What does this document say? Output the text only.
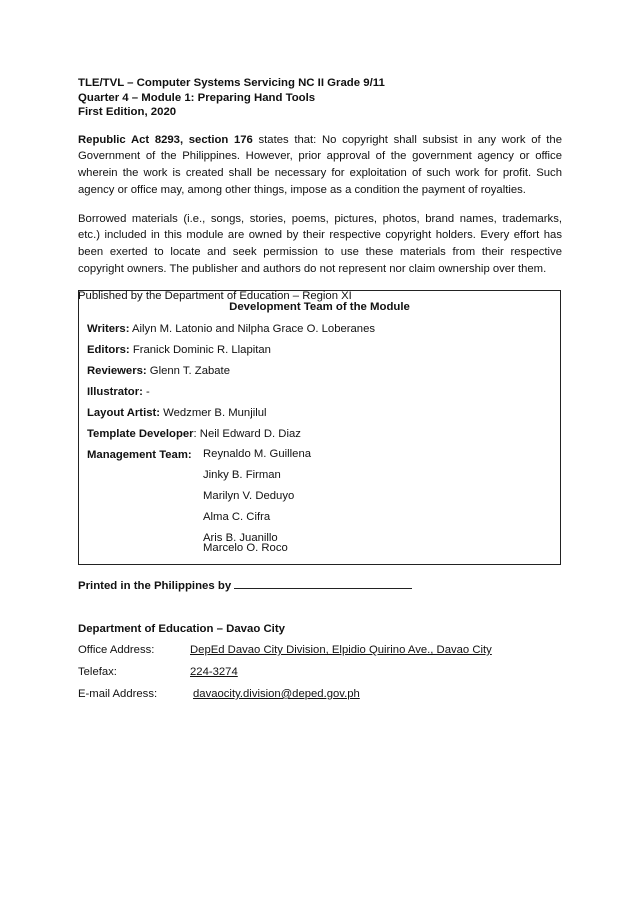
TLE/TVL – Computer Systems Servicing NC II Grade 9/11
Quarter 4 – Module 1: Preparing Hand Tools
First Edition, 2020

Republic Act 8293, section 176 states that: No copyright shall subsist in any work of the Government of the Philippines. However, prior approval of the government agency or office wherein the work is created shall be necessary for exploitation of such work for profit. Such agency or office may, among other things, impose as a condition the payment of royalties.

Borrowed materials (i.e., songs, stories, poems, pictures, photos, brand names, trademarks, etc.) included in this module are owned by their respective copyright holders. Every effort has been exerted to locate and seek permission to use these materials from their respective copyright owners. The publisher and authors do not represent nor claim ownership over them.

Published by the Department of Education – Region XI
Development Team of the Module
Writers: Ailyn M. Latonio and Nilpha Grace O. Loberanes
Editors: Franick Dominic R. Llapitan
Reviewers: Glenn T. Zabate
Illustrator: -
Layout Artist: Wedzmer B. Munjilul
Template Developer: Neil Edward D. Diaz
Management Team: Reynaldo M. Guillena
Jinky B. Firman
Marilyn V. Deduyo
Alma C. Cifra
Aris B. Juanillo
Marcelo O. Roco
Printed in the Philippines by
Department of Education – Davao City
Office Address:	DepEd Davao City Division, Elpidio Quirino Ave., Davao City
Telefax:	224-3274
E-mail Address:	davaocity.division@deped.gov.ph
